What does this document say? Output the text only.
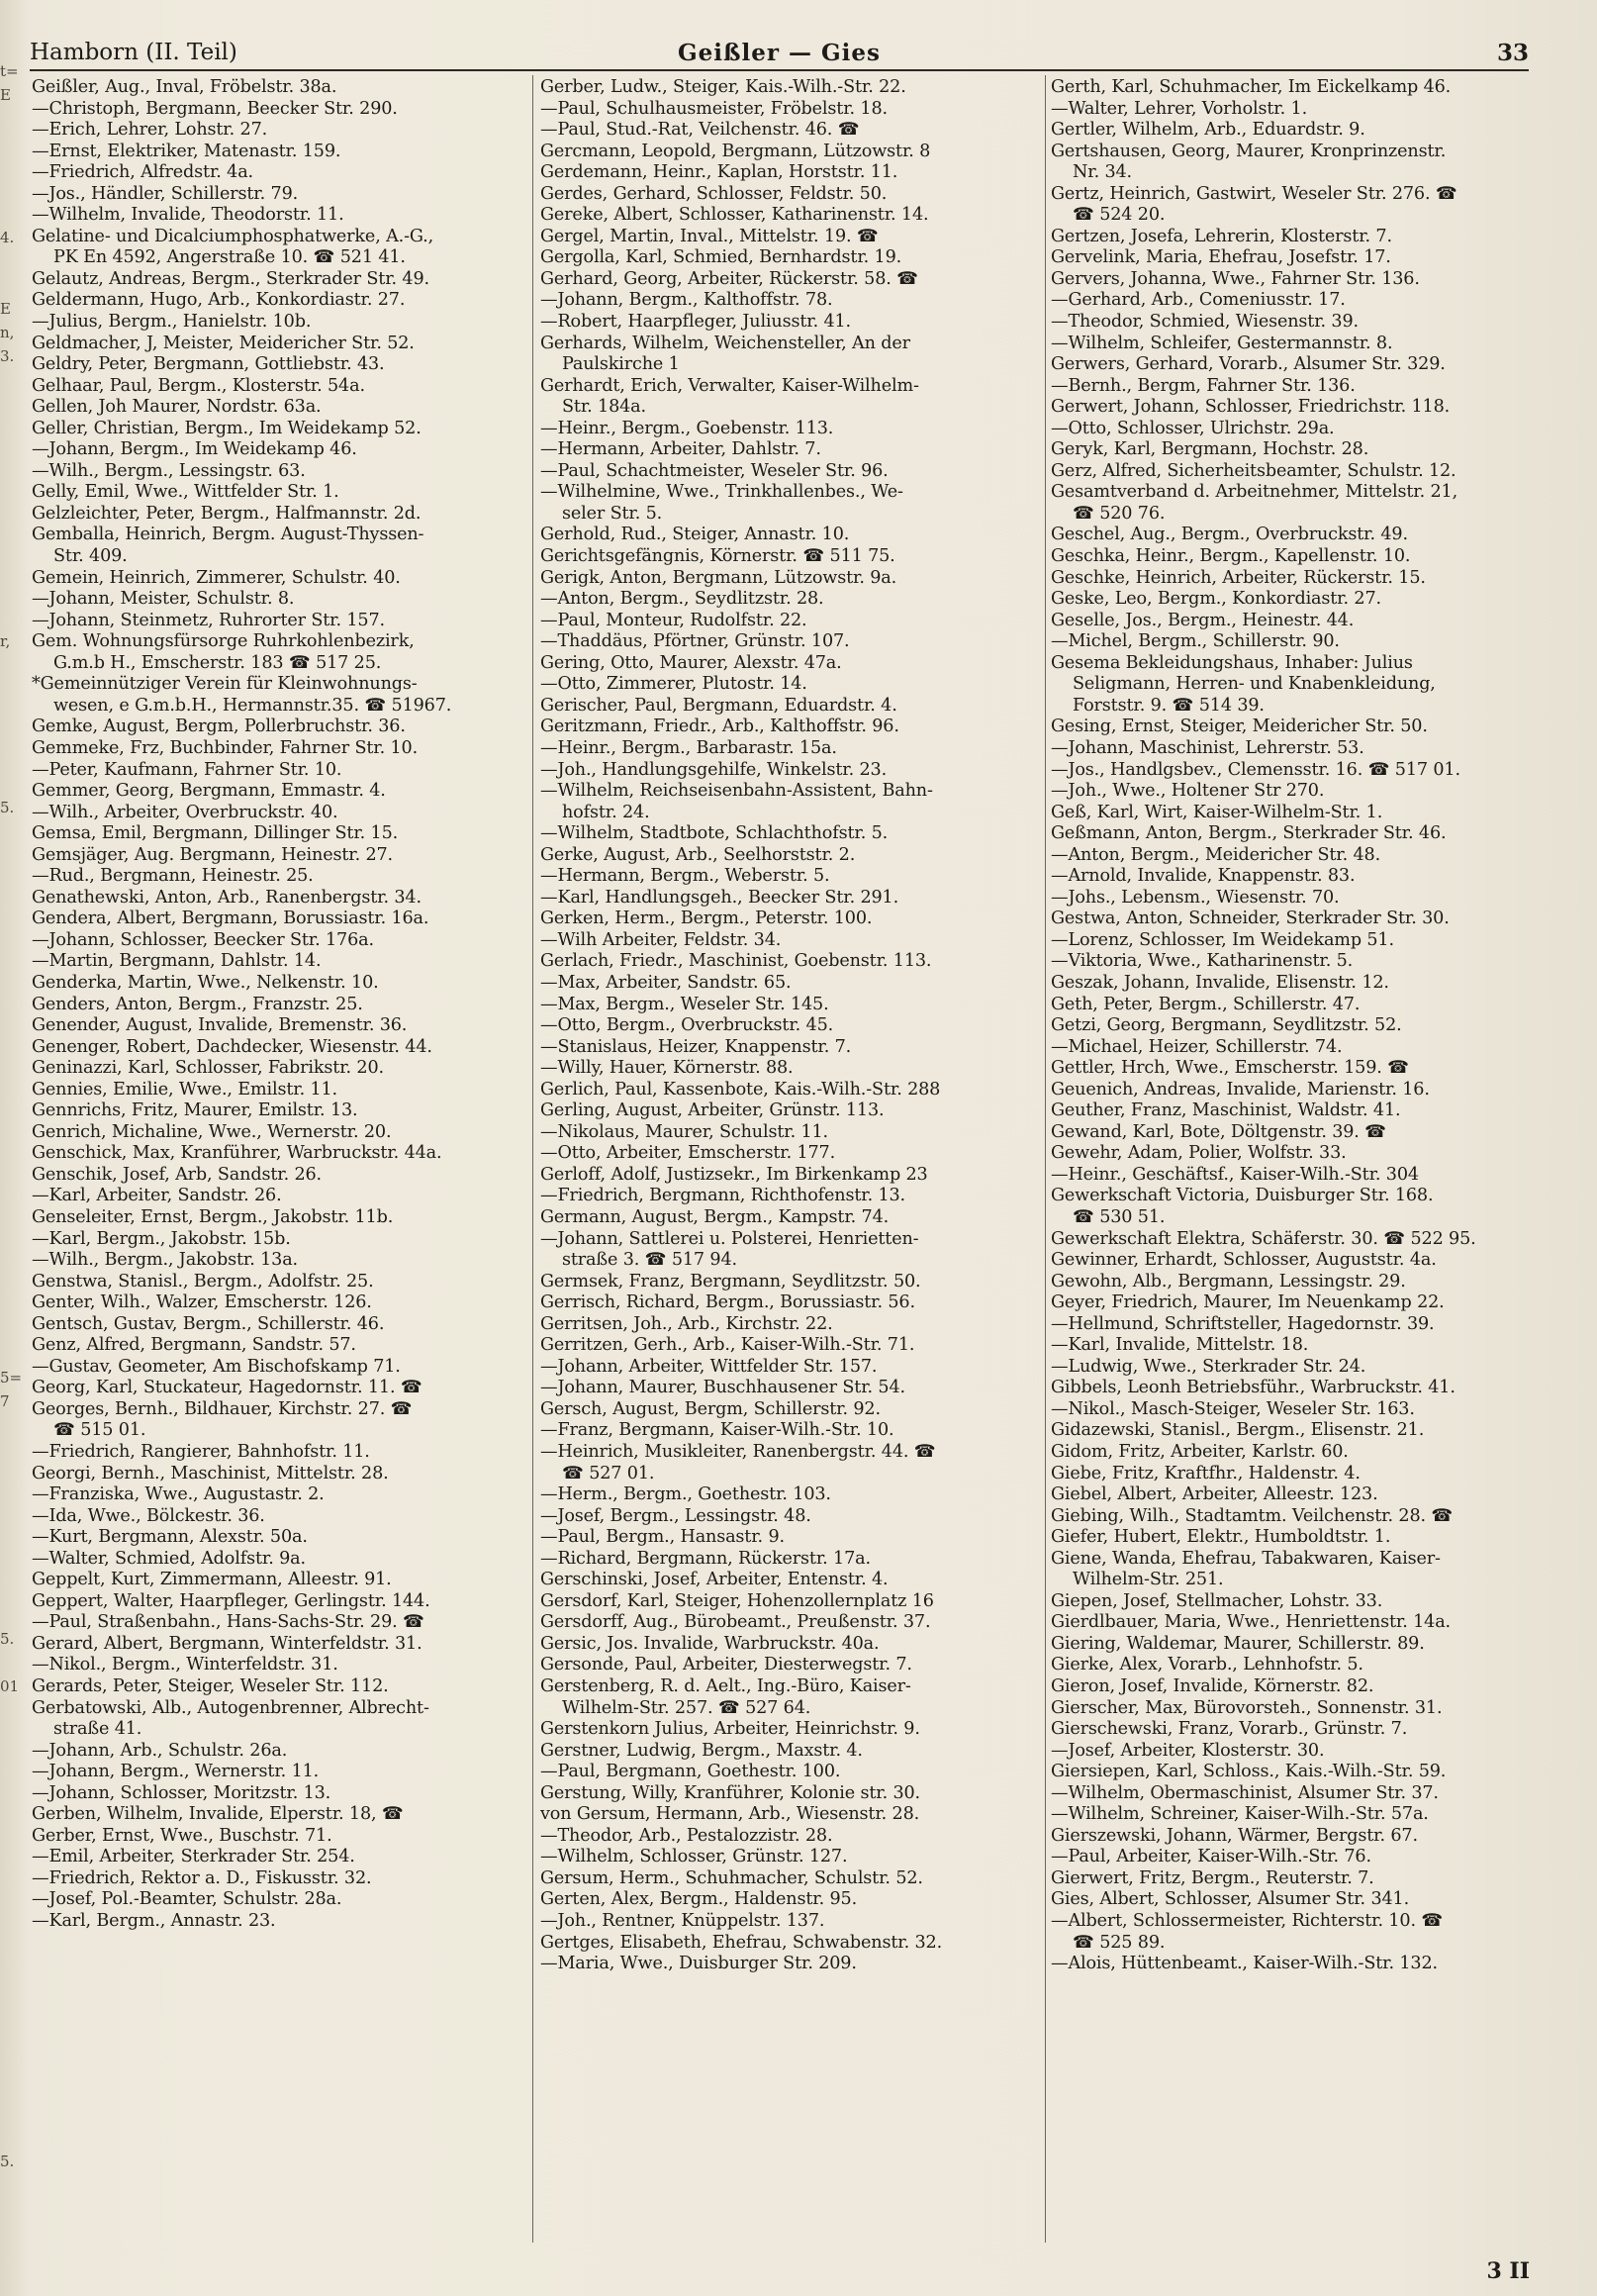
Hamborn (II. Teil)	Geißler — Gies	33
t=
E

4.

E
n,
3.

r,

5.

5=
7

5.

01

5.
Geißler, Aug., Inval, Fröbelstr. 38a.
—Christoph, Bergmann, Beecker Str. 290.
—Erich, Lehrer, Lohstr. 27.
—Ernst, Elektriker, Matenastr. 159.
—Friedrich, Alfredstr. 4a.
—Jos., Händler, Schillerstr. 79.
—Wilhelm, Invalide, Theodorstr. 11.
Gelatine- und Dicalciumphosphatwerke, A.-G.,
PK En 4592, Angerstraße 10. ☎ 521 41.
Gelautz, Andreas, Bergm., Sterkrader Str. 49.
Geldermann, Hugo, Arb., Konkordiastr. 27.
—Julius, Bergm., Hanielstr. 10b.
Geldmacher, J, Meister, Meidericher Str. 52.
Geldry, Peter, Bergmann, Gottliebstr. 43.
Gelhaar, Paul, Bergm., Klosterstr. 54a.
Gellen, Joh Maurer, Nordstr. 63a.
Geller, Christian, Bergm., Im Weidekamp 52.
—Johann, Bergm., Im Weidekamp 46.
—Wilh., Bergm., Lessingstr. 63.
Gelly, Emil, Wwe., Wittfelder Str. 1.
Gelzleichter, Peter, Bergm., Halfmannstr. 2d.
Gemballa, Heinrich, Bergm. August-Thyssen-
Str. 409.
Gemein, Heinrich, Zimmerer, Schulstr. 40.
—Johann, Meister, Schulstr. 8.
—Johann, Steinmetz, Ruhrorter Str. 157.
Gem. Wohnungsfürsorge Ruhrkohlenbezirk,
G.m.b H., Emscherstr. 183 ☎ 517 25.
*Gemeinnütziger Verein für Kleinwohnungs-
wesen, e G.m.b.H., Hermannstr.35. ☎ 51967.
Gemke, August, Bergm, Pollerbruchstr. 36.
Gemmeke, Frz, Buchbinder, Fahrner Str. 10.
—Peter, Kaufmann, Fahrner Str. 10.
Gemmer, Georg, Bergmann, Emmastr. 4.
—Wilh., Arbeiter, Overbruckstr. 40.
Gemsa, Emil, Bergmann, Dillinger Str. 15.
Gemsjäger, Aug. Bergmann, Heinestr. 27.
—Rud., Bergmann, Heinestr. 25.
Genathewski, Anton, Arb., Ranenbergstr. 34.
Gendera, Albert, Bergmann, Borussiastr. 16a.
—Johann, Schlosser, Beecker Str. 176a.
—Martin, Bergmann, Dahlstr. 14.
Genderka, Martin, Wwe., Nelkenstr. 10.
Genders, Anton, Bergm., Franzstr. 25.
Genender, August, Invalide, Bremenstr. 36.
Genenger, Robert, Dachdecker, Wiesenstr. 44.
Geninazzi, Karl, Schlosser, Fabrikstr. 20.
Gennies, Emilie, Wwe., Emilstr. 11.
Gennrichs, Fritz, Maurer, Emilstr. 13.
Genrich, Michaline, Wwe., Wernerstr. 20.
Genschick, Max, Kranführer, Warbruckstr. 44a.
Genschik, Josef, Arb, Sandstr. 26.
—Karl, Arbeiter, Sandstr. 26.
Genseleiter, Ernst, Bergm., Jakobstr. 11b.
—Karl, Bergm., Jakobstr. 15b.
—Wilh., Bergm., Jakobstr. 13a.
Genstwa, Stanisl., Bergm., Adolfstr. 25.
Genter, Wilh., Walzer, Emscherstr. 126.
Gentsch, Gustav, Bergm., Schillerstr. 46.
Genz, Alfred, Bergmann, Sandstr. 57.
—Gustav, Geometer, Am Bischofskamp 71.
Georg, Karl, Stuckateur, Hagedornstr. 11. ☎
Georges, Bernh., Bildhauer, Kirchstr. 27. ☎
☎ 515 01.
—Friedrich, Rangierer, Bahnhofstr. 11.
Georgi, Bernh., Maschinist, Mittelstr. 28.
—Franziska, Wwe., Augustastr. 2.
—Ida, Wwe., Bölckestr. 36.
—Kurt, Bergmann, Alexstr. 50a.
—Walter, Schmied, Adolfstr. 9a.
Geppelt, Kurt, Zimmermann, Alleestr. 91.
Geppert, Walter, Haarpfleger, Gerlingstr. 144.
—Paul, Straßenbahn., Hans-Sachs-Str. 29. ☎
Gerard, Albert, Bergmann, Winterfeldstr. 31.
—Nikol., Bergm., Winterfeldstr. 31.
Gerards, Peter, Steiger, Weseler Str. 112.
Gerbatowski, Alb., Autogenbrenner, Albrecht-
straße 41.
—Johann, Arb., Schulstr. 26a.
—Johann, Bergm., Wernerstr. 11.
—Johann, Schlosser, Moritzstr. 13.
Gerben, Wilhelm, Invalide, Elperstr. 18, ☎
Gerber, Ernst, Wwe., Buschstr. 71.
—Emil, Arbeiter, Sterkrader Str. 254.
—Friedrich, Rektor a. D., Fiskusstr. 32.
—Josef, Pol.-Beamter, Schulstr. 28a.
—Karl, Bergm., Annastr. 23.
Gerber, Ludw., Steiger, Kais.-Wilh.-Str. 22.
—Paul, Schulhausmeister, Fröbelstr. 18.
—Paul, Stud.-Rat, Veilchenstr. 46. ☎
Gercmann, Leopold, Bergmann, Lützowstr. 8
Gerdemann, Heinr., Kaplan, Horststr. 11.
Gerdes, Gerhard, Schlosser, Feldstr. 50.
Gereke, Albert, Schlosser, Katharinenstr. 14.
Gergel, Martin, Inval., Mittelstr. 19. ☎
Gergolla, Karl, Schmied, Bernhardstr. 19.
Gerhard, Georg, Arbeiter, Rückerstr. 58. ☎
—Johann, Bergm., Kalthoffstr. 78.
—Robert, Haarpfleger, Juliusstr. 41.
Gerhards, Wilhelm, Weichensteller, An der
Paulskirche 1
Gerhardt, Erich, Verwalter, Kaiser-Wilhelm-
Str. 184a.
—Heinr., Bergm., Goebenstr. 113.
—Hermann, Arbeiter, Dahlstr. 7.
—Paul, Schachtmeister, Weseler Str. 96.
—Wilhelmine, Wwe., Trinkhallenbes., We-
seler Str. 5.
Gerhold, Rud., Steiger, Annastr. 10.
Gerichtsgefängnis, Körnerstr. ☎ 511 75.
Gerigk, Anton, Bergmann, Lützowstr. 9a.
—Anton, Bergm., Seydlitzstr. 28.
—Paul, Monteur, Rudolfstr. 22.
—Thaddäus, Pförtner, Grünstr. 107.
Gering, Otto, Maurer, Alexstr. 47a.
—Otto, Zimmerer, Plutostr. 14.
Gerischer, Paul, Bergmann, Eduardstr. 4.
Geritzmann, Friedr., Arb., Kalthoffstr. 96.
—Heinr., Bergm., Barbarastr. 15a.
—Joh., Handlungsgehilfe, Winkelstr. 23.
—Wilhelm, Reichseisenbahn-Assistent, Bahn-
hofstr. 24.
—Wilhelm, Stadtbote, Schlachthofstr. 5.
Gerke, August, Arb., Seelhorststr. 2.
—Hermann, Bergm., Weberstr. 5.
—Karl, Handlungsgeh., Beecker Str. 291.
Gerken, Herm., Bergm., Peterstr. 100.
—Wilh Arbeiter, Feldstr. 34.
Gerlach, Friedr., Maschinist, Goebenstr. 113.
—Max, Arbeiter, Sandstr. 65.
—Max, Bergm., Weseler Str. 145.
—Otto, Bergm., Overbruckstr. 45.
—Stanislaus, Heizer, Knappenstr. 7.
—Willy, Hauer, Körnerstr. 88.
Gerlich, Paul, Kassenbote, Kais.-Wilh.-Str. 288
Gerling, August, Arbeiter, Grünstr. 113.
—Nikolaus, Maurer, Schulstr. 11.
—Otto, Arbeiter, Emscherstr. 177.
Gerloff, Adolf, Justizsekr., Im Birkenkamp 23
—Friedrich, Bergmann, Richthofenstr. 13.
Germann, August, Bergm., Kampstr. 74.
—Johann, Sattlerei u. Polsterei, Henrietten-
straße 3. ☎ 517 94.
Germsek, Franz, Bergmann, Seydlitzstr. 50.
Gerrisch, Richard, Bergm., Borussiastr. 56.
Gerritsen, Joh., Arb., Kirchstr. 22.
Gerritzen, Gerh., Arb., Kaiser-Wilh.-Str. 71.
—Johann, Arbeiter, Wittfelder Str. 157.
—Johann, Maurer, Buschhausener Str. 54.
Gersch, August, Bergm, Schillerstr. 92.
—Franz, Bergmann, Kaiser-Wilh.-Str. 10.
—Heinrich, Musikleiter, Ranenbergstr. 44. ☎
☎ 527 01.
—Herm., Bergm., Goethestr. 103.
—Josef, Bergm., Lessingstr. 48.
—Paul, Bergm., Hansastr. 9.
—Richard, Bergmann, Rückerstr. 17a.
Gerschinski, Josef, Arbeiter, Entenstr. 4.
Gersdorf, Karl, Steiger, Hohenzollernplatz 16
Gersdorff, Aug., Bürobeamt., Preußenstr. 37.
Gersic, Jos. Invalide, Warbruckstr. 40a.
Gersonde, Paul, Arbeiter, Diesterwegstr. 7.
Gerstenberg, R. d. Aelt., Ing.-Büro, Kaiser-
Wilhelm-Str. 257. ☎ 527 64.
Gerstenkorn Julius, Arbeiter, Heinrichstr. 9.
Gerstner, Ludwig, Bergm., Maxstr. 4.
—Paul, Bergmann, Goethestr. 100.
Gerstung, Willy, Kranführer, Kolonie str. 30.
von Gersum, Hermann, Arb., Wiesenstr. 28.
—Theodor, Arb., Pestalozzistr. 28.
—Wilhelm, Schlosser, Grünstr. 127.
Gersum, Herm., Schuhmacher, Schulstr. 52.
Gerten, Alex, Bergm., Haldenstr. 95.
—Joh., Rentner, Knüppelstr. 137.
Gertges, Elisabeth, Ehefrau, Schwabenstr. 32.
—Maria, Wwe., Duisburger Str. 209.
Gerth, Karl, Schuhmacher, Im Eickelkamp 46.
—Walter, Lehrer, Vorholstr. 1.
Gertler, Wilhelm, Arb., Eduardstr. 9.
Gertshausen, Georg, Maurer, Kronprinzenstr.
Nr. 34.
Gertz, Heinrich, Gastwirt, Weseler Str. 276. ☎
☎ 524 20.
Gertzen, Josefa, Lehrerin, Klosterstr. 7.
Gervelink, Maria, Ehefrau, Josefstr. 17.
Gervers, Johanna, Wwe., Fahrner Str. 136.
—Gerhard, Arb., Comeniusstr. 17.
—Theodor, Schmied, Wiesenstr. 39.
—Wilhelm, Schleifer, Gestermannstr. 8.
Gerwers, Gerhard, Vorarb., Alsumer Str. 329.
—Bernh., Bergm, Fahrner Str. 136.
Gerwert, Johann, Schlosser, Friedrichstr. 118.
—Otto, Schlosser, Ulrichstr. 29a.
Geryk, Karl, Bergmann, Hochstr. 28.
Gerz, Alfred, Sicherheitsbeamter, Schulstr. 12.
Gesamtverband d. Arbeitnehmer, Mittelstr. 21,
☎ 520 76.
Geschel, Aug., Bergm., Overbruckstr. 49.
Geschka, Heinr., Bergm., Kapellenstr. 10.
Geschke, Heinrich, Arbeiter, Rückerstr. 15.
Geske, Leo, Bergm., Konkordiastr. 27.
Geselle, Jos., Bergm., Heinestr. 44.
—Michel, Bergm., Schillerstr. 90.
Gesema Bekleidungshaus, Inhaber: Julius
Seligmann, Herren- und Knabenkleidung,
Forststr. 9. ☎ 514 39.
Gesing, Ernst, Steiger, Meidericher Str. 50.
—Johann, Maschinist, Lehrerstr. 53.
—Jos., Handlgsbev., Clemensstr. 16. ☎ 517 01.
—Joh., Wwe., Holtener Str 270.
Geß, Karl, Wirt, Kaiser-Wilhelm-Str. 1.
Geßmann, Anton, Bergm., Sterkrader Str. 46.
—Anton, Bergm., Meidericher Str. 48.
—Arnold, Invalide, Knappenstr. 83.
—Johs., Lebensm., Wiesenstr. 70.
Gestwa, Anton, Schneider, Sterkrader Str. 30.
—Lorenz, Schlosser, Im Weidekamp 51.
—Viktoria, Wwe., Katharinenstr. 5.
Geszak, Johann, Invalide, Elisenstr. 12.
Geth, Peter, Bergm., Schillerstr. 47.
Getzi, Georg, Bergmann, Seydlitzstr. 52.
—Michael, Heizer, Schillerstr. 74.
Gettler, Hrch, Wwe., Emscherstr. 159. ☎
Geuenich, Andreas, Invalide, Marienstr. 16.
Geuther, Franz, Maschinist, Waldstr. 41.
Gewand, Karl, Bote, Döltgenstr. 39. ☎
Gewehr, Adam, Polier, Wolfstr. 33.
—Heinr., Geschäftsf., Kaiser-Wilh.-Str. 304
Gewerkschaft Victoria, Duisburger Str. 168.
☎ 530 51.
Gewerkschaft Elektra, Schäferstr. 30. ☎ 522 95.
Gewinner, Erhardt, Schlosser, Auguststr. 4a.
Gewohn, Alb., Bergmann, Lessingstr. 29.
Geyer, Friedrich, Maurer, Im Neuenkamp 22.
—Hellmund, Schriftsteller, Hagedornstr. 39.
—Karl, Invalide, Mittelstr. 18.
—Ludwig, Wwe., Sterkrader Str. 24.
Gibbels, Leonh Betriebsführ., Warbruckstr. 41.
—Nikol., Masch-Steiger, Weseler Str. 163.
Gidazewski, Stanisl., Bergm., Elisenstr. 21.
Gidom, Fritz, Arbeiter, Karlstr. 60.
Giebe, Fritz, Kraftfhr., Haldenstr. 4.
Giebel, Albert, Arbeiter, Alleestr. 123.
Giebing, Wilh., Stadtamtm. Veilchenstr. 28. ☎
Giefer, Hubert, Elektr., Humboldtstr. 1.
Giene, Wanda, Ehefrau, Tabakwaren, Kaiser-
Wilhelm-Str. 251.
Giepen, Josef, Stellmacher, Lohstr. 33.
Gierdlbauer, Maria, Wwe., Henriettenstr. 14a.
Giering, Waldemar, Maurer, Schillerstr. 89.
Gierke, Alex, Vorarb., Lehnhofstr. 5.
Gieron, Josef, Invalide, Körnerstr. 82.
Gierscher, Max, Bürovorsteh., Sonnenstr. 31.
Gierschewski, Franz, Vorarb., Grünstr. 7.
—Josef, Arbeiter, Klosterstr. 30.
Giersiepen, Karl, Schloss., Kais.-Wilh.-Str. 59.
—Wilhelm, Obermaschinist, Alsumer Str. 37.
—Wilhelm, Schreiner, Kaiser-Wilh.-Str. 57a.
Gierszewski, Johann, Wärmer, Bergstr. 67.
—Paul, Arbeiter, Kaiser-Wilh.-Str. 76.
Gierwert, Fritz, Bergm., Reuterstr. 7.
Gies, Albert, Schlosser, Alsumer Str. 341.
—Albert, Schlossermeister, Richterstr. 10. ☎
☎ 525 89.
—Alois, Hüttenbeamt., Kaiser-Wilh.-Str. 132.
3 II
